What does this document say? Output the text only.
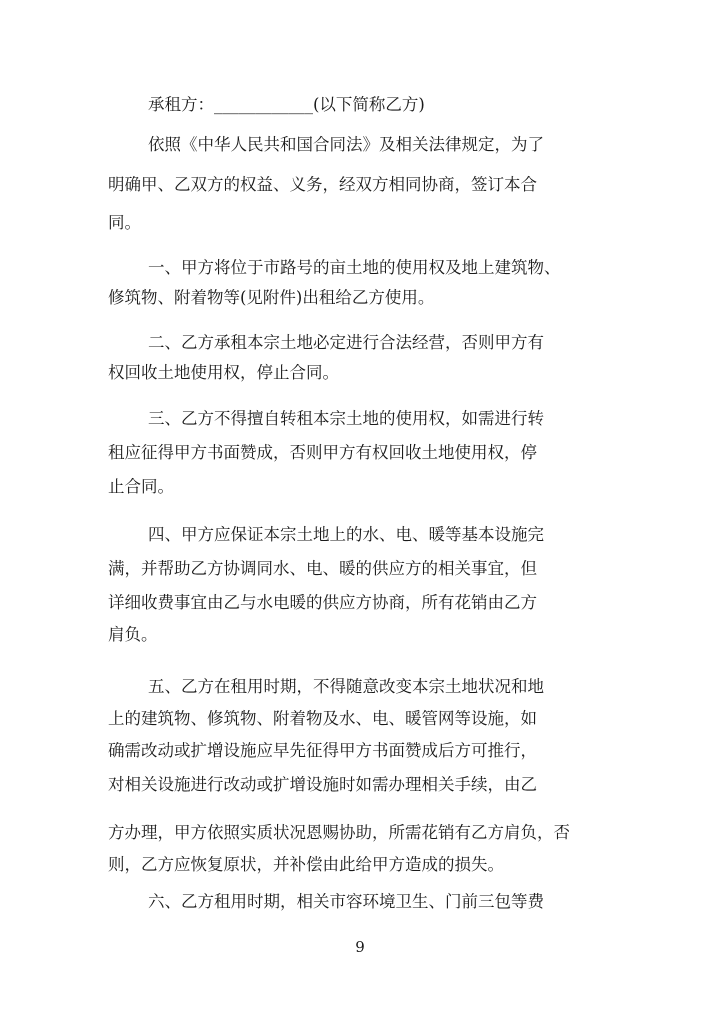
承租方：____________(以下简称乙方)
依照《中华人民共和国合同法》及相关法律规定，为了
明确甲、乙双方的权益、义务，经双方相同协商，签订本合
同。
一、甲方将位于市路号的亩土地的使用权及地上建筑物、
修筑物、附着物等(见附件)出租给乙方使用。
二、乙方承租本宗土地必定进行合法经营，否则甲方有
权回收土地使用权，停止合同。
三、乙方不得擅自转租本宗土地的使用权，如需进行转
租应征得甲方书面赞成，否则甲方有权回收土地使用权，停
止合同。
四、甲方应保证本宗土地上的水、电、暖等基本设施完
满，并帮助乙方协调同水、电、暖的供应方的相关事宜，但
详细收费事宜由乙与水电暖的供应方协商，所有花销由乙方
肩负。
五、乙方在租用时期，不得随意改变本宗土地状况和地
上的建筑物、修筑物、附着物及水、电、暖管网等设施，如
确需改动或扩增设施应早先征得甲方书面赞成后方可推行，
对相关设施进行改动或扩增设施时如需办理相关手续，由乙
方办理，甲方依照实质状况恩赐协助，所需花销有乙方肩负，否
则，乙方应恢复原状，并补偿由此给甲方造成的损失。
六、乙方租用时期，相关市容环境卫生、门前三包等费
9
